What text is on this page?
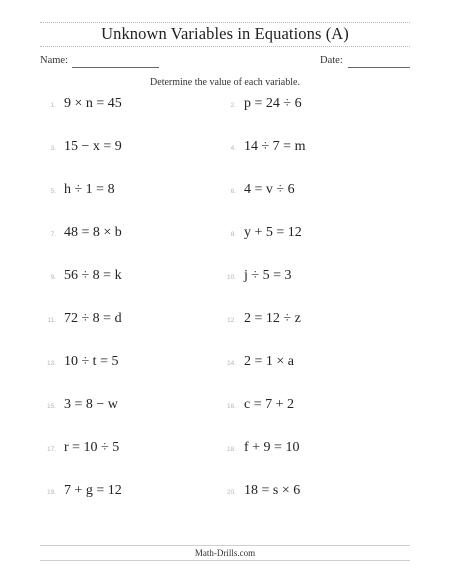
Unknown Variables in Equations (A)
Name:	Date:
Determine the value of each variable.
1. 9 × n = 45	2. p = 24 ÷ 6
3. 15 − x = 9	4. 14 ÷ 7 = m
5. h ÷ 1 = 8	6. 4 = v ÷ 6
7. 48 = 8 × b	8. y + 5 = 12
9. 56 ÷ 8 = k	10. j ÷ 5 = 3
11. 72 ÷ 8 = d	12. 2 = 12 ÷ z
13. 10 ÷ t = 5	14. 2 = 1 × a
15. 3 = 8 − w	16. c = 7 + 2
17. r = 10 ÷ 5	18. f + 9 = 10
19. 7 + g = 12	20. 18 = s × 6
Math-Drills.com
